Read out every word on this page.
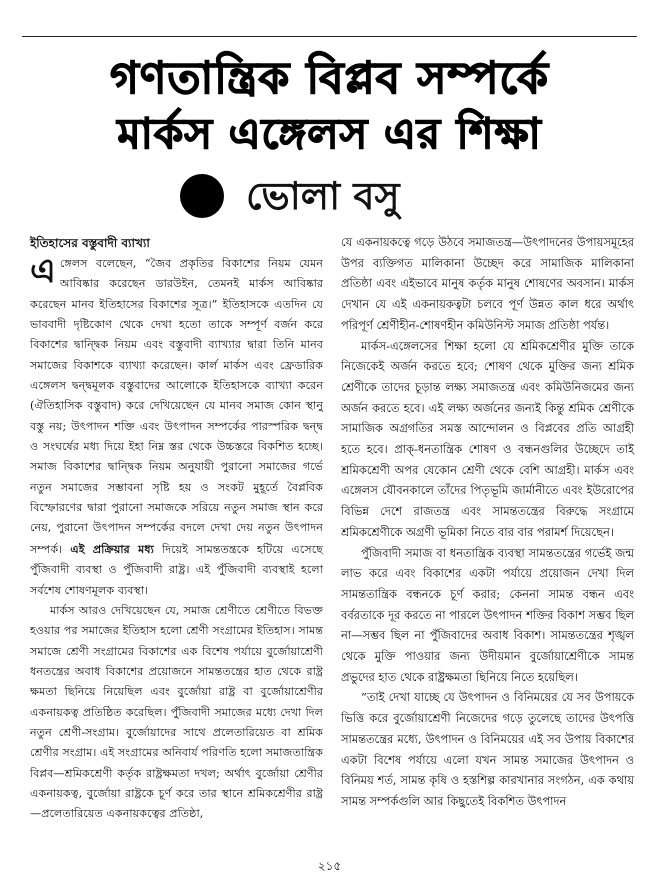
গণতান্ত্রিক বিপ্লব সম্পর্কে
মার্কস এঙ্গেলস এর শিক্ষা
ভোলা বসু

ইতিহাসের বস্তুবাদী ব্যাখ্যা

এঙ্গেলস বলেছেন, “জৈব প্রকৃতির বিকাশের নিয়ম যেমন আবিষ্কার করেছেন ডারউইন, তেমনই মার্কস আবিষ্কার করেছেন মানব ইতিহাসের বিকাশের সূত্র।” ইতিহাসকে এতদিন যে ভাববাদী দৃষ্টিকোণ থেকে দেখা হতো তাকে সম্পূর্ণ বর্জন করে বিকাশের দ্বান্দ্বিক নিয়ম এবং বস্তুবাদী ব্যাখ্যার দ্বারা তিনি মানব সমাজের বিকাশকে ব্যাখ্যা করেছেন। কার্ল মার্কস এবং ফ্রেডারিক এঙ্গেলস দ্বন্দ্বমূলক বস্তুবাদের আলোকে ইতিহাসকে ব্যাখ্যা করেন (ঐতিহাসিক বস্তুবাদ) করে দেখিয়েছেন যে মানব সমাজ কোন স্থানু বস্তু নয়; উৎপাদন শক্তি এবং উৎপাদন সম্পর্কের পারস্পরিক দ্বন্দ্ব ও সংঘর্ষের মধ্য দিয়ে ইহা নিম্ন স্তর থেকে উচ্চস্তরে বিকশিত হচ্ছে। সমাজ বিকাশের দ্বান্দ্বিক নিয়ম অনুযায়ী পুরানো সমাজের গর্ভে নতুন সমাজের সম্ভাবনা সৃষ্টি হয় ও সংকট মুহূর্তে বৈপ্লবিক বিস্ফোরণের দ্বারা পুরানো সমাজকে সরিয়ে নতুন সমাজ স্থান করে নেয়, পুরানো উৎপাদন সম্পর্কের বদলে দেখা দেয় নতুন উৎপাদন সম্পর্ক। এই প্রক্রিয়ার মধ্য দিয়েই সামন্ততন্ত্রকে হটিয়ে এসেছে পুঁজিবাদী ব্যবস্থা ও পুঁজিবাদী রাষ্ট্র। এই পুঁজিবাদী ব্যবস্থাই হলো সর্বশেষ শোষণমূলক ব্যবস্থা।

মার্কস আরও দেখিয়েছেন যে, সমাজ শ্রেণীতে শ্রেণীতে বিভক্ত হওয়ার পর সমাজের ইতিহাস হলো শ্রেণী সংগ্রামের ইতিহাস। সামন্ত সমাজে শ্রেণী সংগ্রামের বিকাশের এক বিশেষ পর্যায়ে বুর্জোয়াশ্রেণী ধনতন্ত্রের অবাধ বিকাশের প্রয়োজনে সামন্ততন্ত্রের হাত থেকে রাষ্ট্র ক্ষমতা ছিনিয়ে নিয়েছিল এবং বুর্জোয়া রাষ্ট্র বা বুর্জোয়াশ্রেণীর একনায়কত্ব প্রতিষ্ঠিত করেছিল। পুঁজিবাদী সমাজের মধ্যে দেখা দিল নতুন শ্রেণী-সংগ্রাম। বুর্জোয়াদের সাথে প্রলেতারিয়েত বা শ্রমিক শ্রেণীর সংগ্রাম। এই সংগ্রামের অনিবার্য পরিণতি হলো সমাজতান্ত্রিক বিপ্লব—শ্রমিকশ্রেণী কর্তৃক রাষ্ট্রক্ষমতা দখল; অর্থাৎ বুর্জোয়া শ্রেণীর একনায়কত্ব, বুর্জোয়া রাষ্ট্রকে চূর্ণ করে তার স্থানে শ্রমিকশ্রেণীর রাষ্ট্র—প্রলেতারিয়েত একনায়কত্বের প্রতিষ্ঠা,

যে একনায়কত্বে গড়ে উঠবে সমাজতন্ত্র—উৎপাদনের উপায়সমূহের উপর ব্যক্তিগত মালিকানা উচ্ছেদ করে সামাজিক মালিকানা প্রতিষ্ঠা এবং এইভাবে মানুষ কর্তৃক মানুষ শোষণের অবসান। মার্কস দেখান যে এই একনায়কত্বটা চলবে পূর্ণ উন্নত কাল ধরে অর্থাৎ পরিপূর্ণ শ্রেণীহীন-শোষণহীন কমিউনিস্ট সমাজ প্রতিষ্ঠা পর্যন্ত।

মার্কস-এঙ্গেলসের শিক্ষা হলো যে শ্রমিকশ্রেণীর মুক্তি তাকে নিজেকেই অর্জন করতে হবে; শোষণ থেকে মুক্তির জন্য শ্রমিক শ্রেণীকে তাদের চূড়ান্ত লক্ষ্য সমাজতন্ত্র এবং কমিউনিজমের জন্য অর্জন করতে হবে। এই লক্ষ্য অর্জনের জন্যই কিন্তু শ্রমিক শ্রেণীকে সামাজিক অগ্রগতির সমস্ত আন্দোলন ও বিপ্লবের প্রতি আগ্রহী হতে হবে। প্রাক্-ধনতান্ত্রিক শোষণ ও বন্ধনগুলির উচ্ছেদে তাই শ্রমিকশ্রেণী অপর যেকোন শ্রেণী থেকে বেশি আগ্রহী। মার্কস এবং এঙ্গেলস যৌবনকালে তাঁদের পিতৃভূমি জার্মানীতে এবং ইউরোপের বিভিন্ন দেশে রাজতন্ত্র এবং সামন্ততন্ত্রের বিরুদ্ধে সংগ্রামে শ্রমিকশ্রেণীকে অগ্রণী ভূমিকা নিতে বার বার পরামর্শ দিয়েছেন।

পুঁজিবাদী সমাজ বা ধনতান্ত্রিক ব্যবস্থা সামন্ততন্ত্রের গর্ভেই জন্ম লাভ করে এবং বিকাশের একটা পর্যায়ে প্রয়োজন দেখা দিল সামন্ততান্ত্রিক বন্ধনকে চূর্ণ করার; কেননা সামন্ত বন্ধন এবং বর্বরতাকে দূর করতে না পারলে উৎপাদন শক্তির বিকাশ সম্ভব ছিল না—সম্ভব ছিল না পুঁজিবাদের অবাধ বিকাশ। সামন্ততন্ত্রের শৃঙ্খল থেকে মুক্তি পাওয়ার জন্য উদীয়মান বুর্জোয়াশ্রেণীকে সামন্ত প্রভুদের হাত থেকে রাষ্ট্রক্ষমতা ছিনিয়ে নিতে হয়েছিল।

“তাই দেখা যাচ্ছে যে উৎপাদন ও বিনিময়ের যে সব উপায়কে ভিত্তি করে বুর্জোয়াশ্রেণী নিজেদের গড়ে তুলেছে তাদের উৎপত্তি সামন্ততন্ত্রের মধ্যে, উৎপাদন ও বিনিময়ের এই সব উপায় বিকাশের একটা বিশেষ পর্যায়ে এলো যখন সামন্ত সমাজের উৎপাদন ও বিনিময় শর্ত, সামন্ত কৃষি ও হস্তশিল্প কারখানার সংগঠন, এক কথায় সামন্ত সম্পর্কগুলি আর কিছুতেই বিকশিত উৎপাদন

২১৫
